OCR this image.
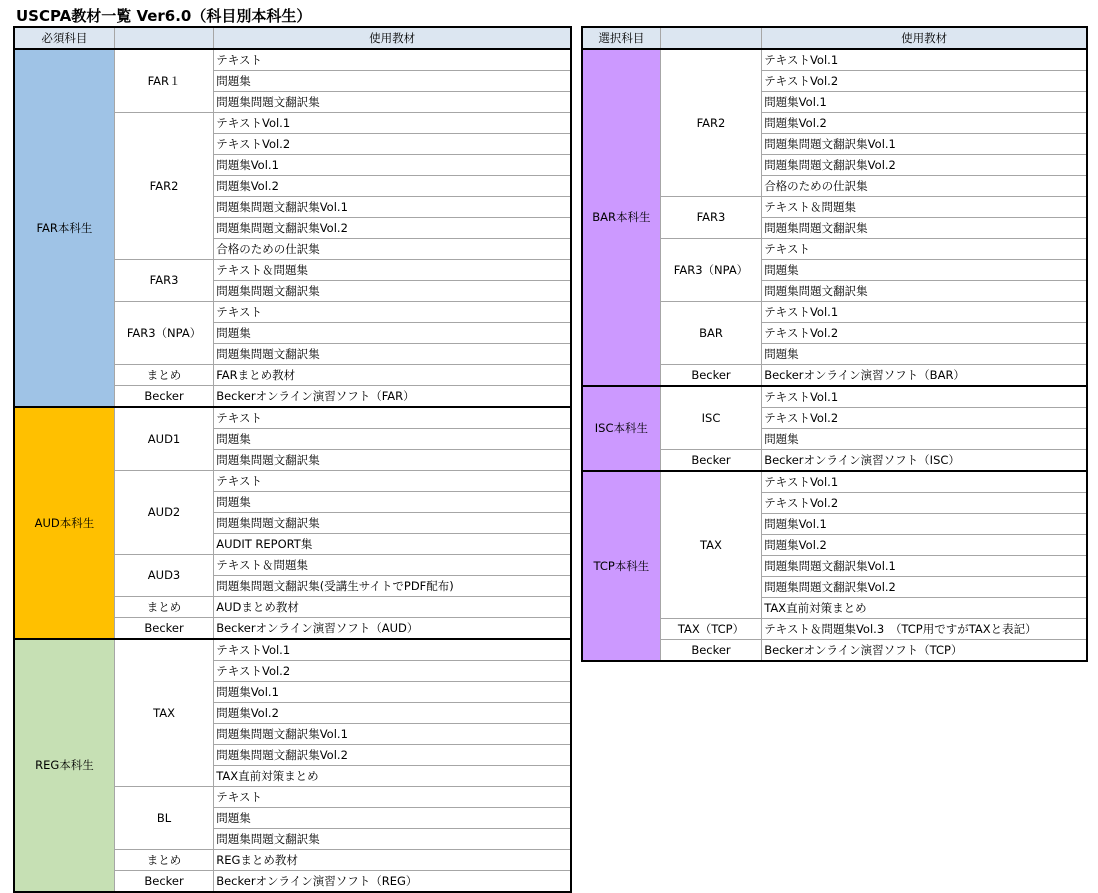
USCPA教材一覧 Ver6.0（科目別本科生）
必須科目		使用教材
FAR本科生	FAR１	テキスト
		問題集
		問題集問題文翻訳集
	FAR2	テキストVol.1
		テキストVol.2
		問題集Vol.1
		問題集Vol.2
		問題集問題文翻訳集Vol.1
		問題集問題文翻訳集Vol.2
		合格のための仕訳集
	FAR3	テキスト＆問題集
		問題集問題文翻訳集
	FAR3（NPA）	テキスト
		問題集
		問題集問題文翻訳集
	まとめ	FARまとめ教材
	Becker	Beckerオンライン演習ソフト（FAR）
AUD本科生	AUD1	テキスト
		問題集
		問題集問題文翻訳集
	AUD2	テキスト
		問題集
		問題集問題文翻訳集
		AUDIT REPORT集
	AUD3	テキスト＆問題集
		問題集問題文翻訳集(受講生サイトでPDF配布)
	まとめ	AUDまとめ教材
	Becker	Beckerオンライン演習ソフト（AUD）
REG本科生	TAX	テキストVol.1
		テキストVol.2
		問題集Vol.1
		問題集Vol.2
		問題集問題文翻訳集Vol.1
		問題集問題文翻訳集Vol.2
		TAX直前対策まとめ
	BL	テキスト
		問題集
		問題集問題文翻訳集
	まとめ	REGまとめ教材
	Becker	Beckerオンライン演習ソフト（REG）
選択科目		使用教材
BAR本科生	FAR2	テキストVol.1
		テキストVol.2
		問題集Vol.1
		問題集Vol.2
		問題集問題文翻訳集Vol.1
		問題集問題文翻訳集Vol.2
		合格のための仕訳集
	FAR3	テキスト＆問題集
		問題集問題文翻訳集
	FAR3（NPA）	テキスト
		問題集
		問題集問題文翻訳集
	BAR	テキストVol.1
		テキストVol.2
		問題集
	Becker	Beckerオンライン演習ソフト（BAR）
ISC本科生	ISC	テキストVol.1
		テキストVol.2
		問題集
	Becker	Beckerオンライン演習ソフト（ISC）
TCP本科生	TAX	テキストVol.1
		テキストVol.2
		問題集Vol.1
		問題集Vol.2
		問題集問題文翻訳集Vol.1
		問題集問題文翻訳集Vol.2
		TAX直前対策まとめ
	TAX（TCP）	テキスト＆問題集Vol.3　（TCP用ですがTAXと表記）
	Becker	Beckerオンライン演習ソフト（TCP）
